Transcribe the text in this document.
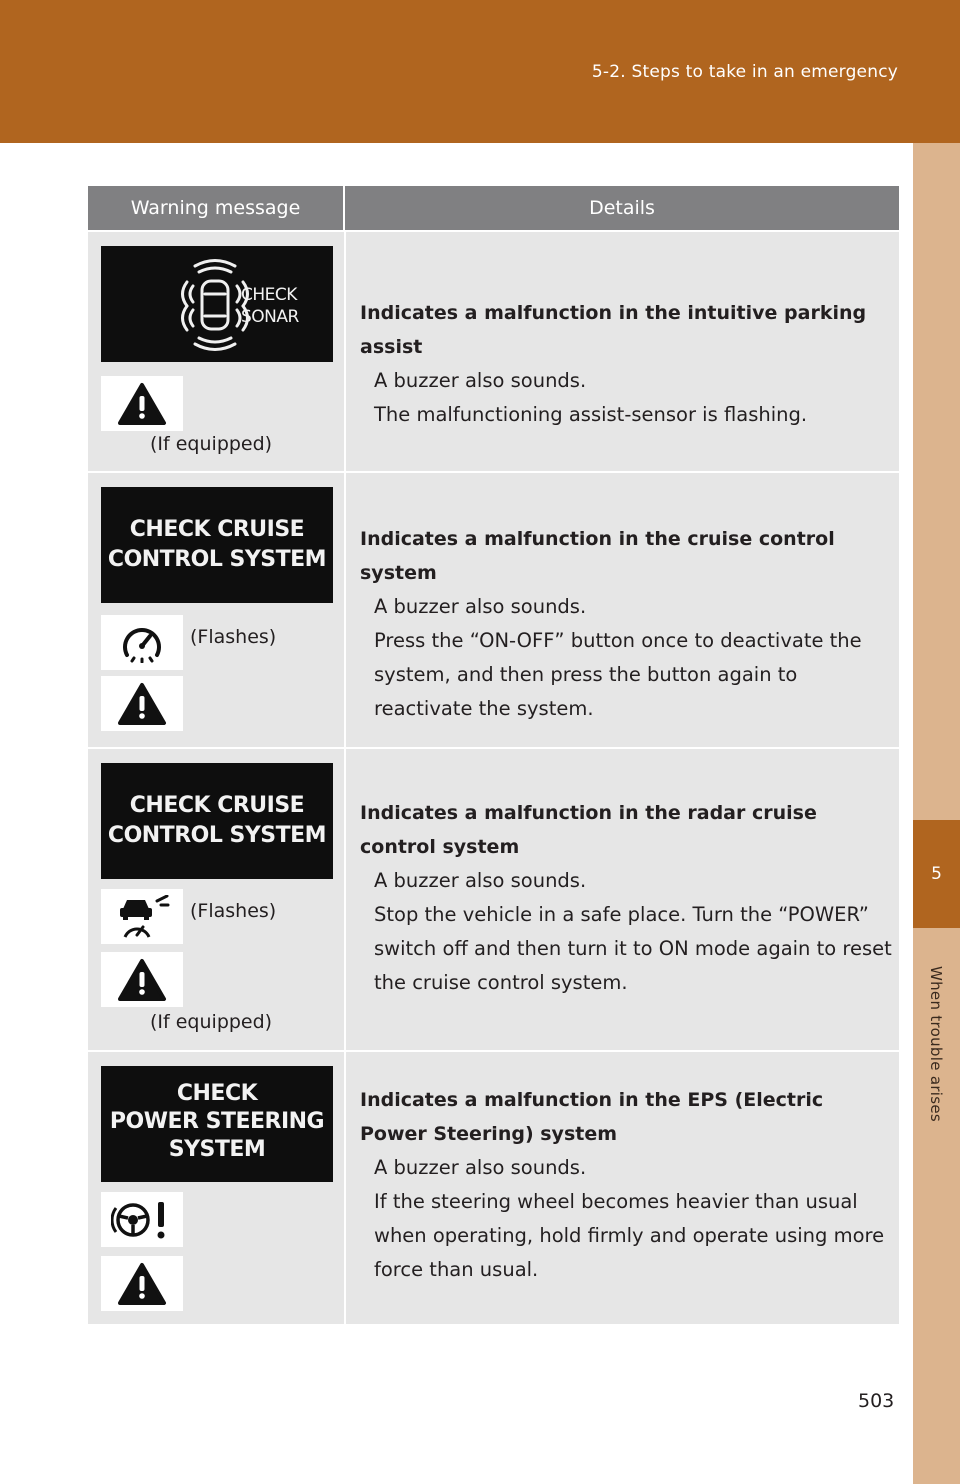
5-2. Steps to take in an emergency
5
When trouble arises
Warning message	Details
CHECK
SONAR
(If equipped)
Indicates a malfunction in the intuitive parking assist
A buzzer also sounds.
The malfunctioning assist-sensor is flashing.
CHECK CRUISE
CONTROL SYSTEM
(Flashes)
Indicates a malfunction in the cruise control system
A buzzer also sounds.
Press the “ON-OFF” button once to deactivate the system, and then press the button again to reactivate the system.
CHECK CRUISE
CONTROL SYSTEM
(Flashes)
(If equipped)
Indicates a malfunction in the radar cruise control system
A buzzer also sounds.
Stop the vehicle in a safe place. Turn the “POWER” switch off and then turn it to ON mode again to reset the cruise control system.
CHECK
POWER STEERING
SYSTEM
Indicates a malfunction in the EPS (Electric Power Steering) system
A buzzer also sounds.
If the steering wheel becomes heavier than usual when operating, hold firmly and operate using more force than usual.
503
